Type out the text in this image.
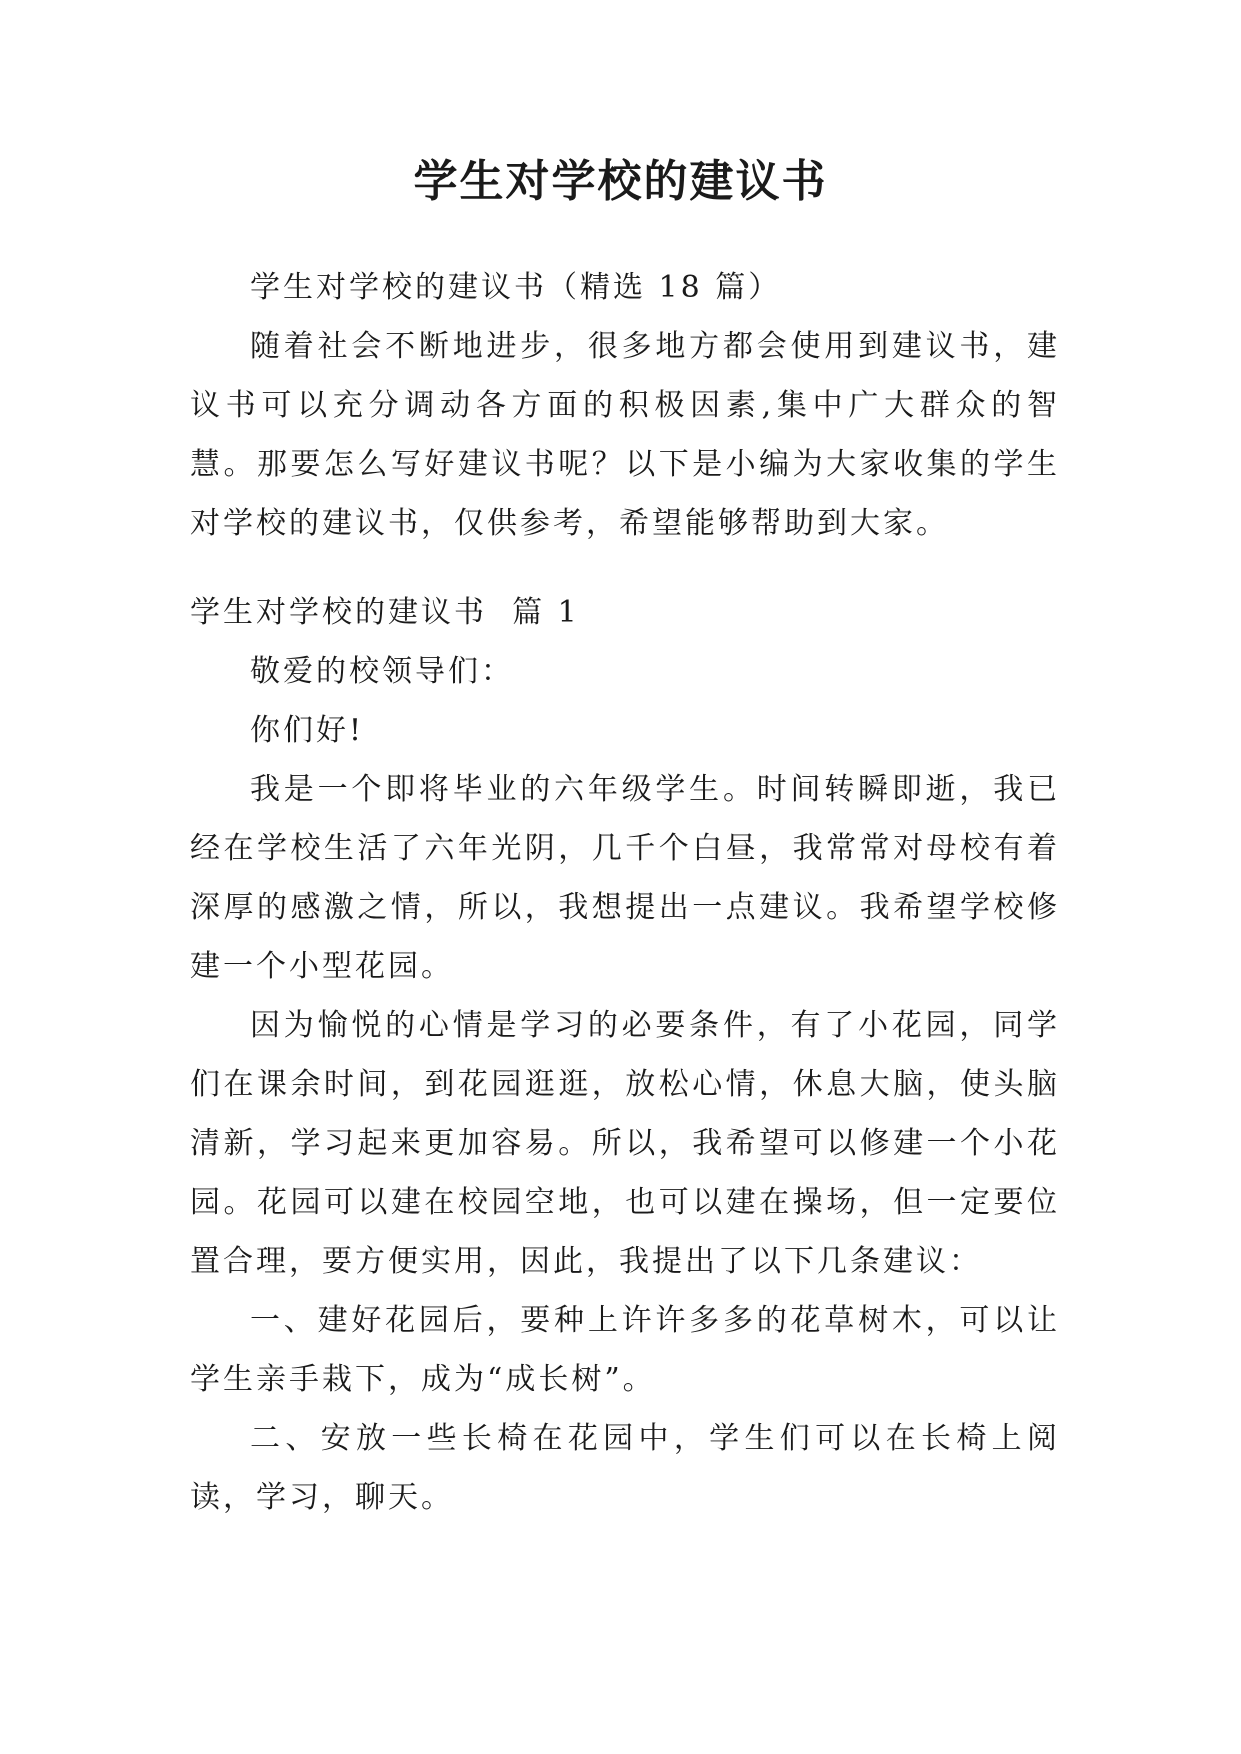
学生对学校的建议书

学生对学校的建议书（精选 18 篇）

随着社会不断地进步，很多地方都会使用到建议书，建议书可以充分调动各方面的积极因素,集中广大群众的智慧。那要怎么写好建议书呢？以下是小编为大家收集的学生对学校的建议书，仅供参考，希望能够帮助到大家。

学生对学校的建议书  篇 1

敬爱的校领导们：

你们好!

我是一个即将毕业的六年级学生。时间转瞬即逝，我已经在学校生活了六年光阴，几千个白昼，我常常对母校有着深厚的感激之情，所以，我想提出一点建议。我希望学校修建一个小型花园。

因为愉悦的心情是学习的必要条件，有了小花园，同学们在课余时间，到花园逛逛，放松心情，休息大脑，使头脑清新，学习起来更加容易。所以，我希望可以修建一个小花园。花园可以建在校园空地，也可以建在操场，但一定要位置合理，要方便实用，因此，我提出了以下几条建议：

一、建好花园后，要种上许许多多的花草树木，可以让学生亲手栽下，成为“成长树”。

二、安放一些长椅在花园中，学生们可以在长椅上阅读，学习，聊天。
